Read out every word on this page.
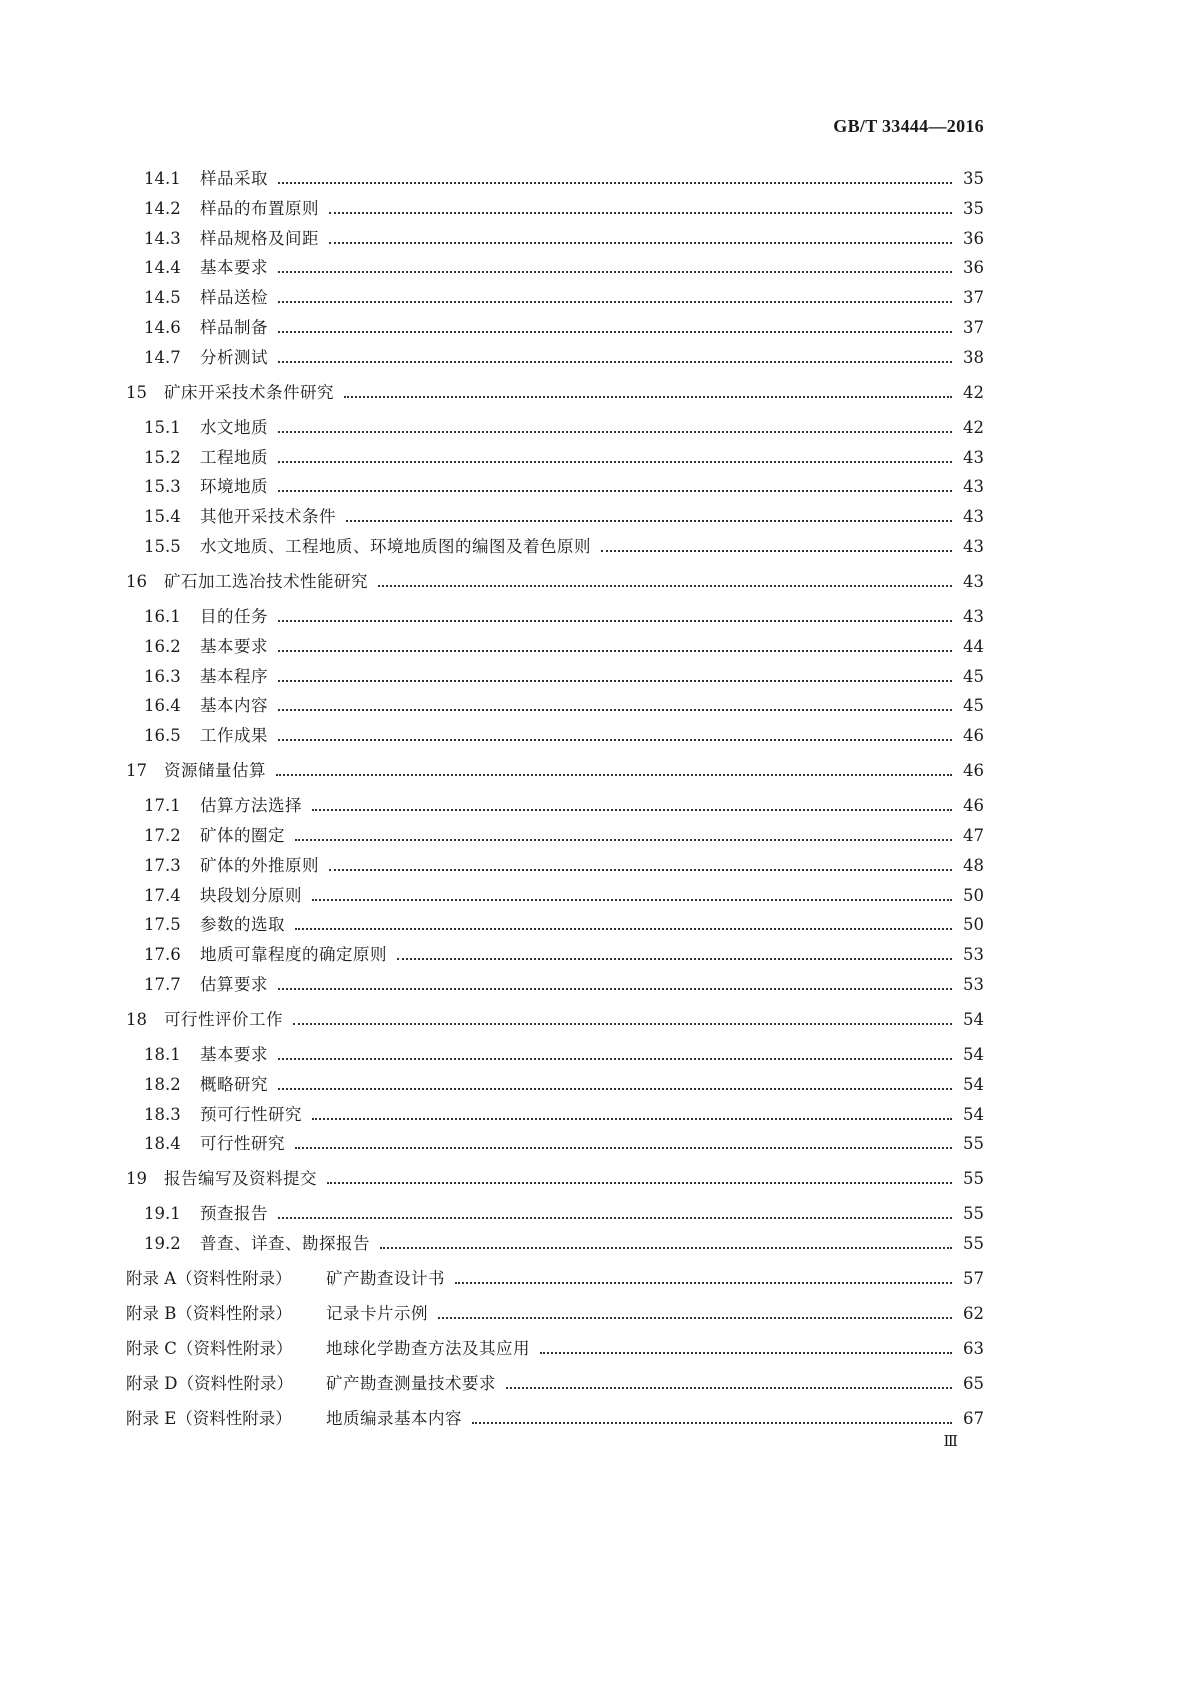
GB/T 33444—2016
14.1 样品采取	35
14.2 样品的布置原则	35
14.3 样品规格及间距	36
14.4 基本要求	36
14.5 样品送检	37
14.6 样品制备	37
14.7 分析测试	38
15 矿床开采技术条件研究	42
15.1 水文地质	42
15.2 工程地质	43
15.3 环境地质	43
15.4 其他开采技术条件	43
15.5 水文地质、工程地质、环境地质图的编图及着色原则	43
16 矿石加工选冶技术性能研究	43
16.1 目的任务	43
16.2 基本要求	44
16.3 基本程序	45
16.4 基本内容	45
16.5 工作成果	46
17 资源储量估算	46
17.1 估算方法选择	46
17.2 矿体的圈定	47
17.3 矿体的外推原则	48
17.4 块段划分原则	50
17.5 参数的选取	50
17.6 地质可靠程度的确定原则	53
17.7 估算要求	53
18 可行性评价工作	54
18.1 基本要求	54
18.2 概略研究	54
18.3 预可行性研究	54
18.4 可行性研究	55
19 报告编写及资料提交	55
19.1 预查报告	55
19.2 普查、详查、勘探报告	55
附录 A（资料性附录） 矿产勘查设计书	57
附录 B（资料性附录） 记录卡片示例	62
附录 C（资料性附录） 地球化学勘查方法及其应用	63
附录 D（资料性附录） 矿产勘查测量技术要求	65
附录 E（资料性附录） 地质编录基本内容	67
Ⅲ
